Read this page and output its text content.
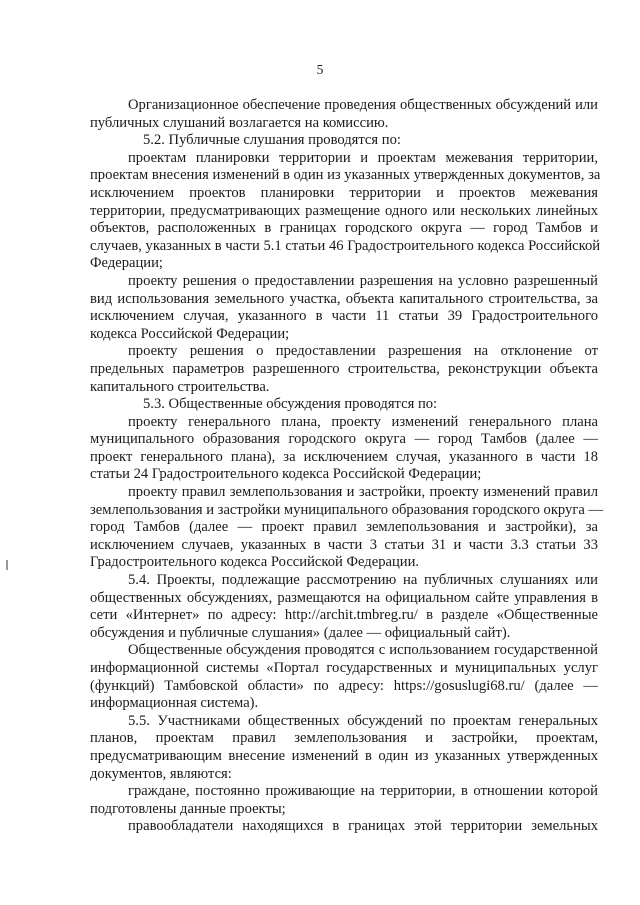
5
Организационное обеспечение проведения общественных обсуждений или
публичных слушаний возлагается на комиссию.
5.2. Публичные слушания проводятся по:
проектам планировки территории и проектам межевания территории,
проектам внесения изменений в один из указанных утвержденных документов, за
исключением проектов планировки территории и проектов межевания
территории, предусматривающих размещение одного или нескольких линейных
объектов, расположенных в границах городского округа — город Тамбов и
случаев, указанных в части 5.1 статьи 46 Градостроительного кодекса Российской
Федерации;
проекту решения о предоставлении разрешения на условно разрешенный
вид использования земельного участка, объекта капитального строительства, за
исключением случая, указанного в части 11 статьи 39 Градостроительного
кодекса Российской Федерации;
проекту решения о предоставлении разрешения на отклонение от
предельных параметров разрешенного строительства, реконструкции объекта
капитального строительства.
5.3. Общественные обсуждения проводятся по:
проекту генерального плана, проекту изменений генерального плана
муниципального образования городского округа — город Тамбов (далее —
проект генерального плана), за исключением случая, указанного в части 18
статьи 24 Градостроительного кодекса Российской Федерации;
проекту правил землепользования и застройки, проекту изменений правил
землепользования и застройки муниципального образования городского округа —
город Тамбов (далее — проект правил землепользования и застройки), за
исключением случаев, указанных в части 3 статьи 31 и части 3.3 статьи 33
Градостроительного кодекса Российской Федерации.
5.4. Проекты, подлежащие рассмотрению на публичных слушаниях или
общественных обсуждениях, размещаются на официальном сайте управления в
сети «Интернет» по адресу: http://archit.tmbreg.ru/ в разделе «Общественные
обсуждения и публичные слушания» (далее — официальный сайт).
Общественные обсуждения проводятся с использованием государственной
информационной системы «Портал государственных и муниципальных услуг
(функций) Тамбовской области» по адресу: https://gosuslugi68.ru/ (далее —
информационная система).
5.5. Участниками общественных обсуждений по проектам генеральных
планов, проектам правил землепользования и застройки, проектам,
предусматривающим внесение изменений в один из указанных утвержденных
документов, являются:
граждане, постоянно проживающие на территории, в отношении которой
подготовлены данные проекты;
правообладатели находящихся в границах этой территории земельных
